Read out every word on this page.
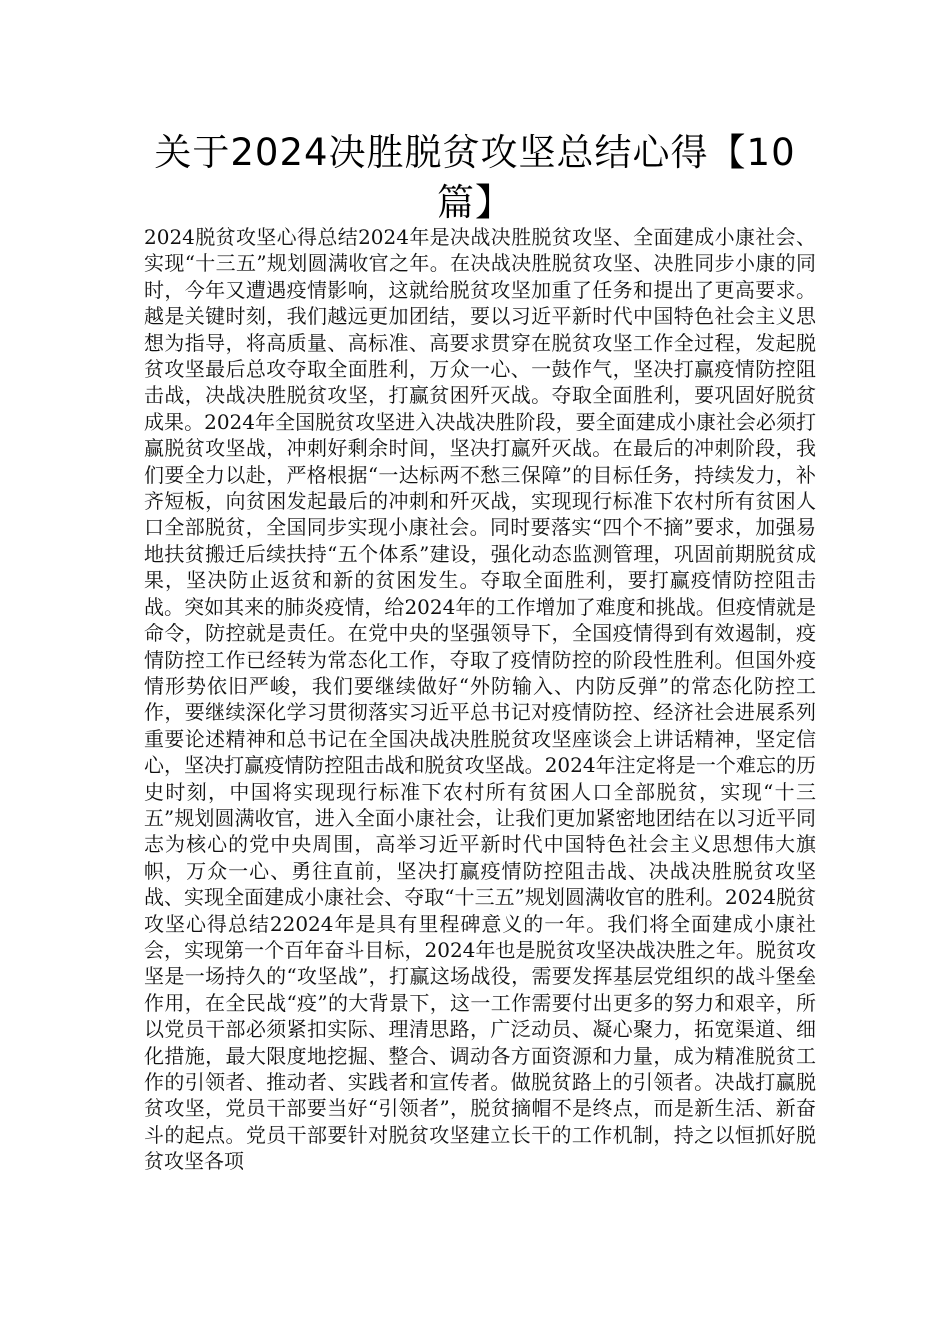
关于2024决胜脱贫攻坚总结心得【10篇】
2024脱贫攻坚心得总结2024年是决战决胜脱贫攻坚、全面建成小康社会、实现“十三五”规划圆满收官之年。在决战决胜脱贫攻坚、决胜同步小康的同时，今年又遭遇疫情影响，这就给脱贫攻坚加重了任务和提出了更高要求。越是关键时刻，我们越远更加团结，要以习近平新时代中国特色社会主义思想为指导，将高质量、高标准、高要求贯穿在脱贫攻坚工作全过程，发起脱贫攻坚最后总攻夺取全面胜利，万众一心、一鼓作气，坚决打赢疫情防控阻击战，决战决胜脱贫攻坚，打赢贫困歼灭战。夺取全面胜利，要巩固好脱贫成果。2024年全国脱贫攻坚进入决战决胜阶段，要全面建成小康社会必须打赢脱贫攻坚战，冲刺好剩余时间，坚决打赢歼灭战。在最后的冲刺阶段，我们要全力以赴，严格根据“一达标两不愁三保障”的目标任务，持续发力，补齐短板，向贫困发起最后的冲刺和歼灭战，实现现行标准下农村所有贫困人口全部脱贫，全国同步实现小康社会。同时要落实“四个不摘”要求，加强易地扶贫搬迁后续扶持“五个体系”建设，强化动态监测管理，巩固前期脱贫成果，坚决防止返贫和新的贫困发生。夺取全面胜利，要打赢疫情防控阻击战。突如其来的肺炎疫情，给2024年的工作增加了难度和挑战。但疫情就是命令，防控就是责任。在党中央的坚强领导下，全国疫情得到有效遏制，疫情防控工作已经转为常态化工作，夺取了疫情防控的阶段性胜利。但国外疫情形势依旧严峻，我们要继续做好“外防输入、内防反弹”的常态化防控工作，要继续深化学习贯彻落实习近平总书记对疫情防控、经济社会进展系列重要论述精神和总书记在全国决战决胜脱贫攻坚座谈会上讲话精神，坚定信心，坚决打赢疫情防控阻击战和脱贫攻坚战。2024年注定将是一个难忘的历史时刻，中国将实现现行标准下农村所有贫困人口全部脱贫，实现“十三五”规划圆满收官，进入全面小康社会，让我们更加紧密地团结在以习近平同志为核心的党中央周围，高举习近平新时代中国特色社会主义思想伟大旗帜，万众一心、勇往直前，坚决打赢疫情防控阻击战、决战决胜脱贫攻坚战、实现全面建成小康社会、夺取“十三五”规划圆满收官的胜利。2024脱贫攻坚心得总结22024年是具有里程碑意义的一年。我们将全面建成小康社会，实现第一个百年奋斗目标，2024年也是脱贫攻坚决战决胜之年。脱贫攻坚是一场持久的“攻坚战”，打赢这场战役，需要发挥基层党组织的战斗堡垒作用，在全民战“疫”的大背景下，这一工作需要付出更多的努力和艰辛，所以党员干部必须紧扣实际、理清思路，广泛动员、凝心聚力，拓宽渠道、细化措施，最大限度地挖掘、整合、调动各方面资源和力量，成为精准脱贫工作的引领者、推动者、实践者和宣传者。做脱贫路上的引领者。决战打赢脱贫攻坚，党员干部要当好“引领者”，脱贫摘帽不是终点，而是新生活、新奋斗的起点。党员干部要针对脱贫攻坚建立长干的工作机制，持之以恒抓好脱贫攻坚各项
